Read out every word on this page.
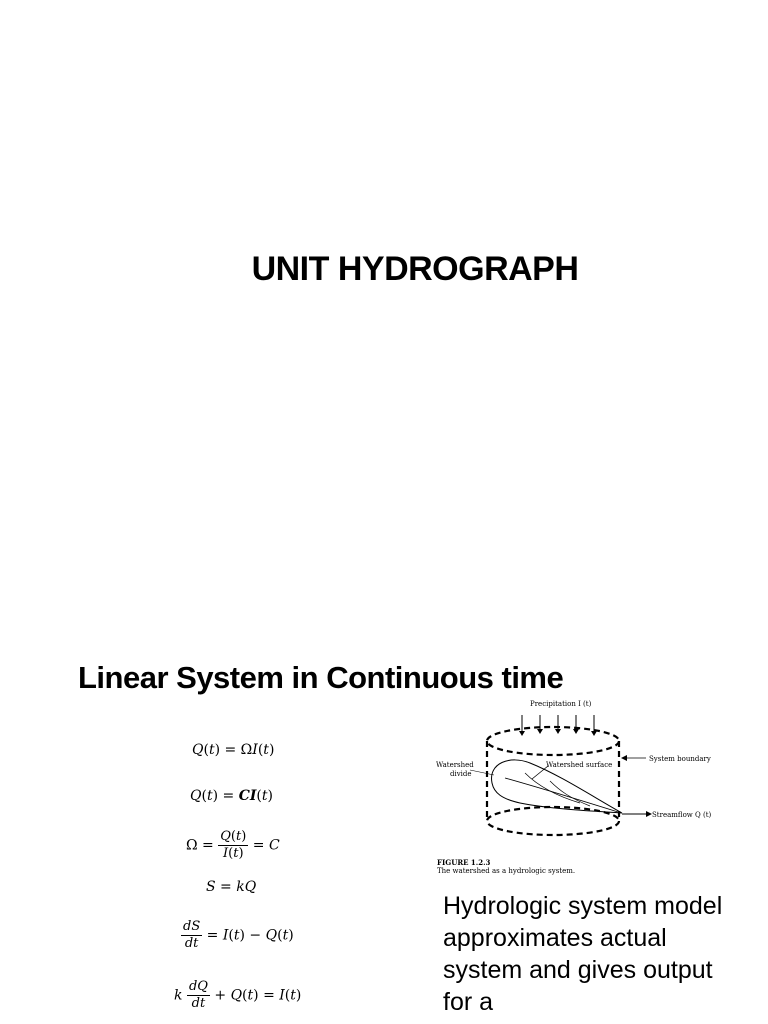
UNIT HYDROGRAPH
Linear System in Continuous time
Q(t) = ΩI(t)
Q(t) = CI(t)
$\Omega = \frac{Q(t)}{I(t)} = C$
S = kQ
$\frac{dS}{dt} = I(t) - Q(t)$
k $\frac{dQ}{dt} + Q(t) = I(t)$
Precipitation I (t)
System boundary
Watershed divide
Watershed surface
Streamflow Q (t)
FIGURE 1.2.3
The watershed as a hydrologic system.

Hydrologic system model approximates actual system and gives output for a
